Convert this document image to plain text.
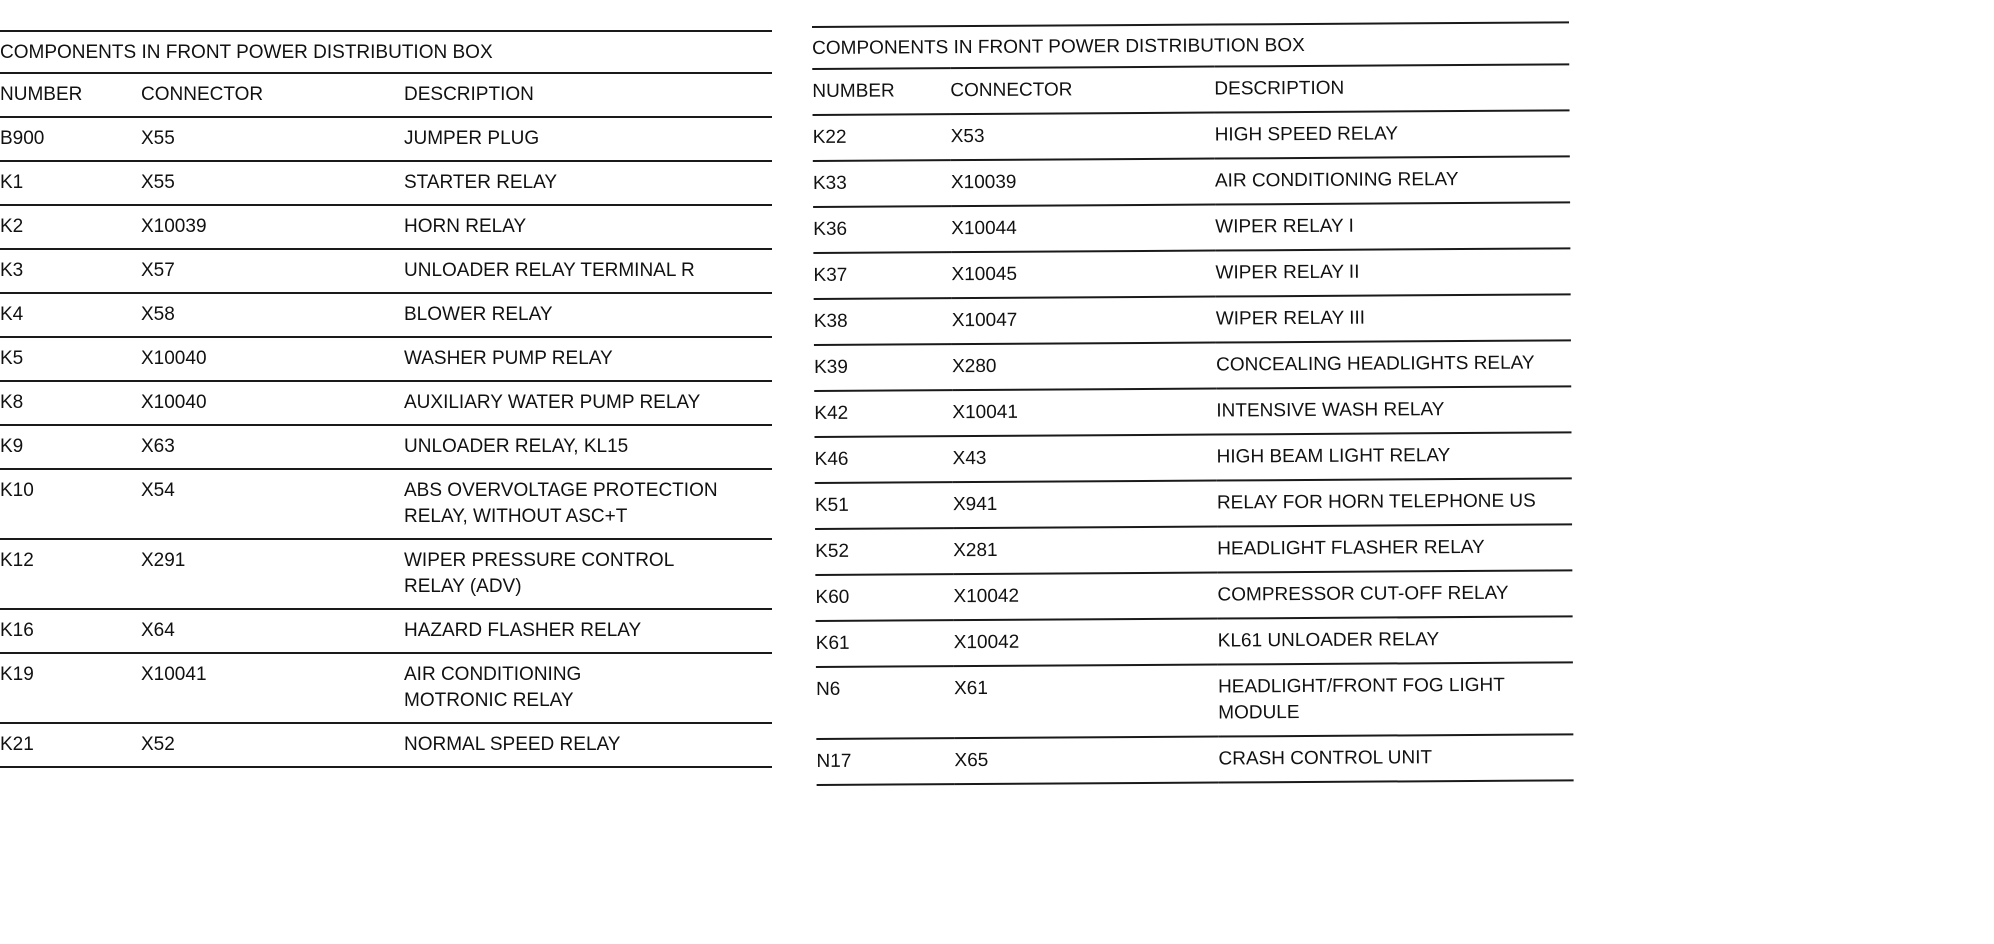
COMPONENTS IN FRONT POWER DISTRIBUTION BOX		
NUMBER	CONNECTOR	DESCRIPTION
B900	X55	JUMPER PLUG
K1	X55	STARTER RELAY
K2	X10039	HORN RELAY
K3	X57	UNLOADER RELAY TERMINAL R
K4	X58	BLOWER RELAY
K5	X10040	WASHER PUMP RELAY
K8	X10040	AUXILIARY WATER PUMP RELAY
K9	X63	UNLOADER RELAY, KL15
K10	X54	ABS OVERVOLTAGE PROTECTION
RELAY, WITHOUT ASC+T
K12	X291	WIPER PRESSURE CONTROL
RELAY (ADV)
K16	X64	HAZARD FLASHER RELAY
K19	X10041	AIR CONDITIONING
MOTRONIC RELAY
K21	X52	NORMAL SPEED RELAY
COMPONENTS IN FRONT POWER DISTRIBUTION BOX		
NUMBER	CONNECTOR	DESCRIPTION
K22	X53	HIGH SPEED RELAY
K33	X10039	AIR CONDITIONING RELAY
K36	X10044	WIPER RELAY I
K37	X10045	WIPER RELAY II
K38	X10047	WIPER RELAY III
K39	X280	CONCEALING HEADLIGHTS RELAY
K42	X10041	INTENSIVE WASH RELAY
K46	X43	HIGH BEAM LIGHT RELAY
K51	X941	RELAY FOR HORN TELEPHONE US
K52	X281	HEADLIGHT FLASHER RELAY
K60	X10042	COMPRESSOR CUT-OFF RELAY
K61	X10042	KL61 UNLOADER RELAY
N6	X61	HEADLIGHT/FRONT FOG LIGHT
MODULE
N17	X65	CRASH CONTROL UNIT
